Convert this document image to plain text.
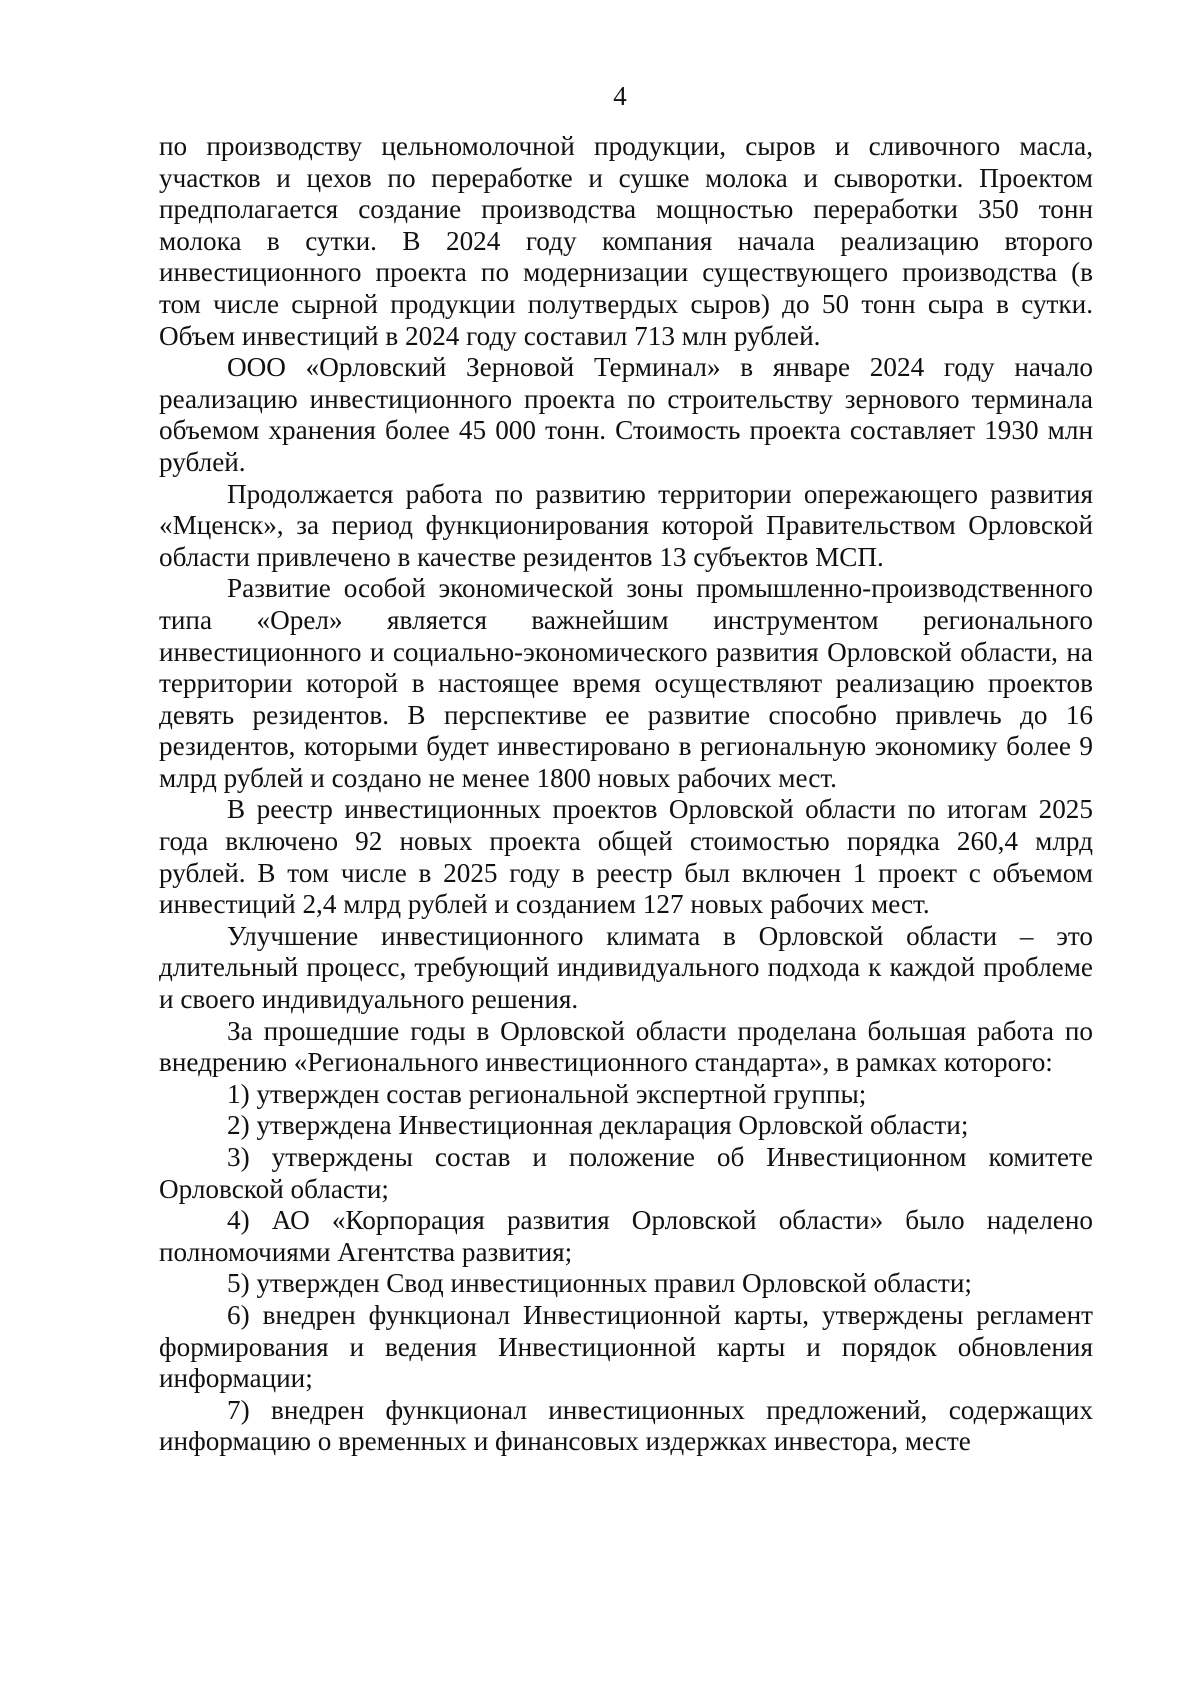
4

по производству цельномолочной продукции, сыров и сливочного масла, участков и цехов по переработке и сушке молока и сыворотки. Проектом предполагается создание производства мощностью переработки 350 тонн молока в сутки. В 2024 году компания начала реализацию второго инвестиционного проекта по модернизации существующего производства (в том числе сырной продукции полутвердых сыров) до 50 тонн сыра в сутки. Объем инвестиций в 2024 году составил 713 млн рублей.

ООО «Орловский Зерновой Терминал» в январе 2024 году начало реализацию инвестиционного проекта по строительству зернового терминала объемом хранения более 45 000 тонн. Стоимость проекта составляет 1930 млн рублей.

Продолжается работа по развитию территории опережающего развития «Мценск», за период функционирования которой Правительством Орловской области привлечено в качестве резидентов 13 субъектов МСП.

Развитие особой экономической зоны промышленно-производственного типа «Орел» является важнейшим инструментом регионального инвестиционного и социально-экономического развития Орловской области, на территории которой в настоящее время осуществляют реализацию проектов девять резидентов. В перспективе ее развитие способно привлечь до 16 резидентов, которыми будет инвестировано в региональную экономику более 9 млрд рублей и создано не менее 1800 новых рабочих мест.

В реестр инвестиционных проектов Орловской области по итогам 2025 года включено 92 новых проекта общей стоимостью порядка 260,4 млрд рублей. В том числе в 2025 году в реестр был включен 1 проект с объемом инвестиций 2,4 млрд рублей и созданием 127 новых рабочих мест.

Улучшение инвестиционного климата в Орловской области – это длительный процесс, требующий индивидуального подхода к каждой проблеме и своего индивидуального решения.

За прошедшие годы в Орловской области проделана большая работа по внедрению «Регионального инвестиционного стандарта», в рамках которого:

1) утвержден состав региональной экспертной группы;

2) утверждена Инвестиционная декларация Орловской области;

3) утверждены состав и положение об Инвестиционном комитете Орловской области;

4) АО «Корпорация развития Орловской области» было наделено полномочиями Агентства развития;

5) утвержден Свод инвестиционных правил Орловской области;

6) внедрен функционал Инвестиционной карты, утверждены регламент формирования и ведения Инвестиционной карты и порядок обновления информации;

7) внедрен функционал инвестиционных предложений, содержащих информацию о временных и финансовых издержках инвестора, месте
